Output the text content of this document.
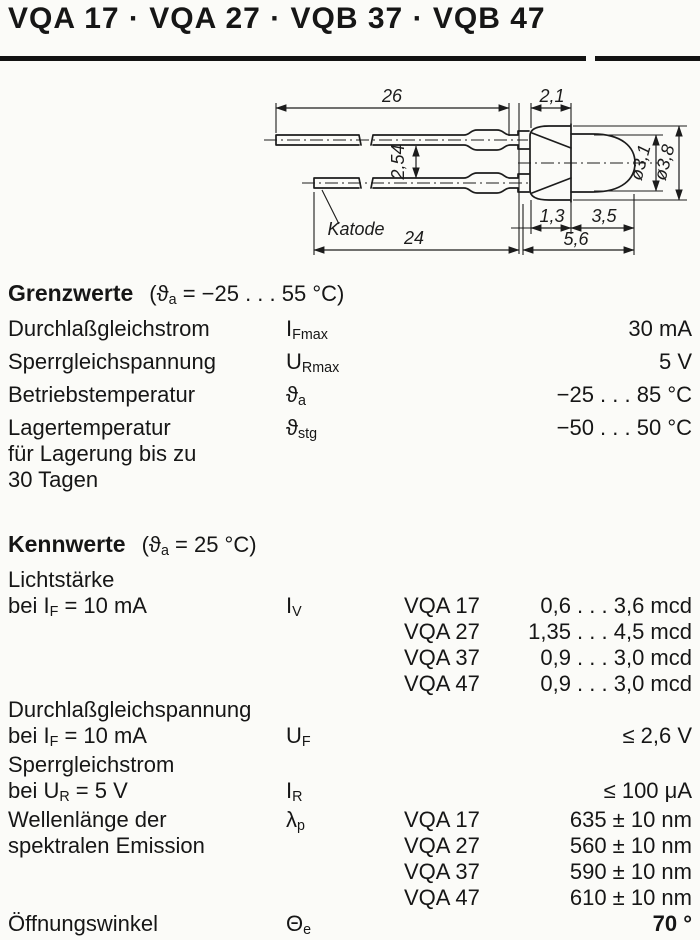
VQA 17 · VQA 27 · VQB 37 · VQB 47
26	2,1
2,54
24	5,6
1,3 3,5
ø3,1
ø3,8
Katode
Grenzwerte (ϑa = −25 . . . 55 °C)
Durchlaßgleichstrom	IFmax	30 mA
Sperrgleichspannung	URmax	5 V
Betriebstemperatur	ϑa	−25 . . . 85 °C
Lagertemperatur
für Lagerung bis zu
30 Tagen
ϑstg	−50 . . . 50 °C
Kennwerte (ϑa = 25 °C)
Lichtstärke
bei IF = 10 mA	IV	VQA 17	0,6 . . . 3,6 mcd
VQA 27 1,35 . . . 4,5 mcd
VQA 37	0,9 . . . 3,0 mcd
VQA 47	0,9 . . . 3,0 mcd
Durchlaßgleichspannung
bei IF = 10 mA	UF	≤ 2,6 V
Sperrgleichstrom
bei UR = 5 V	IR	≤ 100 μA
Wellenlänge der
spektralen Emission
λp	VQA 17	635 ± 10 nm
VQA 27	560 ± 10 nm
VQA 37	590 ± 10 nm
VQA 47	610 ± 10 nm
Öffnungswinkel	Θe	70 °
